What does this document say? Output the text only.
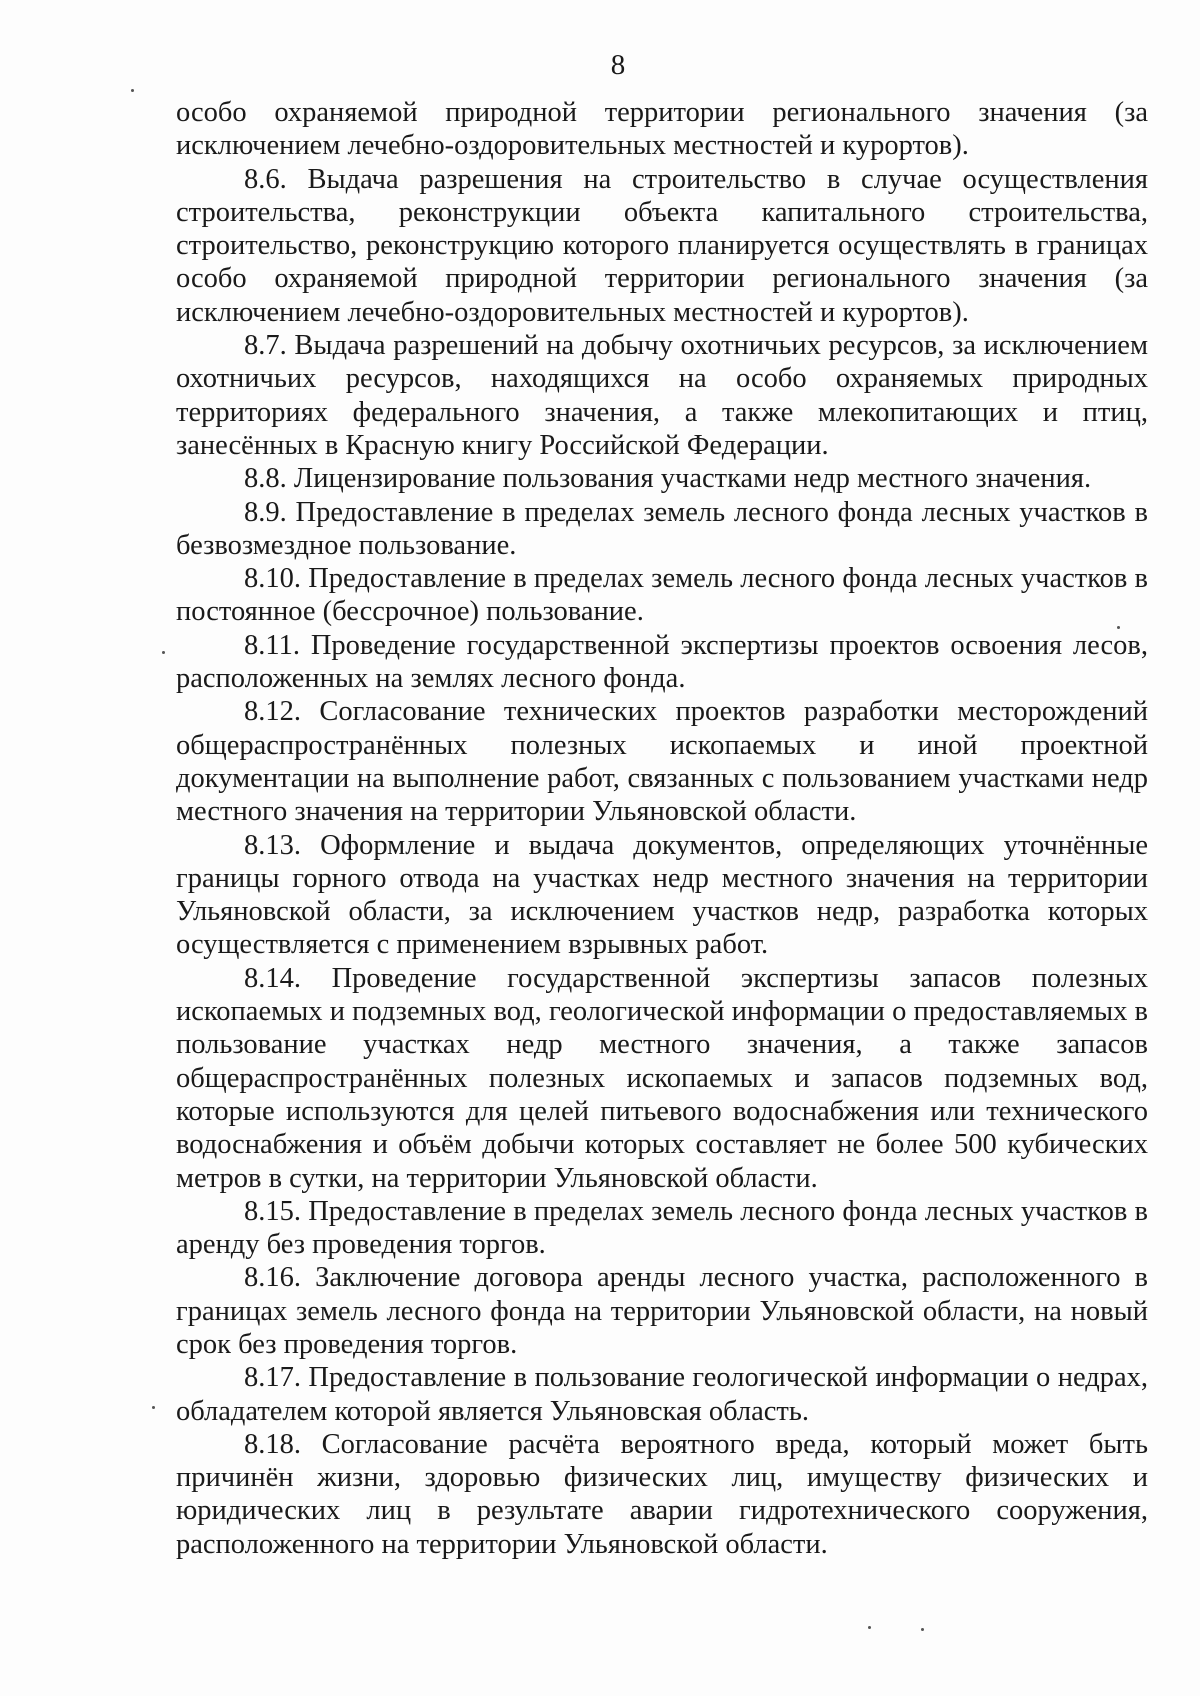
8

особо охраняемой природной территории регионального значения (за исключением лечебно-оздоровительных местностей и курортов).

8.6. Выдача разрешения на строительство в случае осуществления строительства, реконструкции объекта капитального строительства, строительство, реконструкцию которого планируется осуществлять в границах особо охраняемой природной территории регионального значения (за исключением лечебно-оздоровительных местностей и курортов).

8.7. Выдача разрешений на добычу охотничьих ресурсов, за исключением охотничьих ресурсов, находящихся на особо охраняемых природных территориях федерального значения, а также млекопитающих и птиц, занесённых в Красную книгу Российской Федерации.

8.8. Лицензирование пользования участками недр местного значения.

8.9. Предоставление в пределах земель лесного фонда лесных участков в безвозмездное пользование.

8.10. Предоставление в пределах земель лесного фонда лесных участков в постоянное (бессрочное) пользование.

8.11. Проведение государственной экспертизы проектов освоения лесов, расположенных на землях лесного фонда.

8.12. Согласование технических проектов разработки месторождений общераспространённых полезных ископаемых и иной проектной документации на выполнение работ, связанных с пользованием участками недр местного значения на территории Ульяновской области.

8.13. Оформление и выдача документов, определяющих уточнённые границы горного отвода на участках недр местного значения на территории Ульяновской области, за исключением участков недр, разработка которых осуществляется с применением взрывных работ.

8.14. Проведение государственной экспертизы запасов полезных ископаемых и подземных вод, геологической информации о предоставляемых в пользование участках недр местного значения, а также запасов общераспространённых полезных ископаемых и запасов подземных вод, которые используются для целей питьевого водоснабжения или технического водоснабжения и объём добычи которых составляет не более 500 кубических метров в сутки, на территории Ульяновской области.

8.15. Предоставление в пределах земель лесного фонда лесных участков в аренду без проведения торгов.

8.16. Заключение договора аренды лесного участка, расположенного в границах земель лесного фонда на территории Ульяновской области, на новый срок без проведения торгов.

8.17. Предоставление в пользование геологической информации о недрах, обладателем которой является Ульяновская область.

8.18. Согласование расчёта вероятного вреда, который может быть причинён жизни, здоровью физических лиц, имуществу физических и юридических лиц в результате аварии гидротехнического сооружения, расположенного на территории Ульяновской области.
